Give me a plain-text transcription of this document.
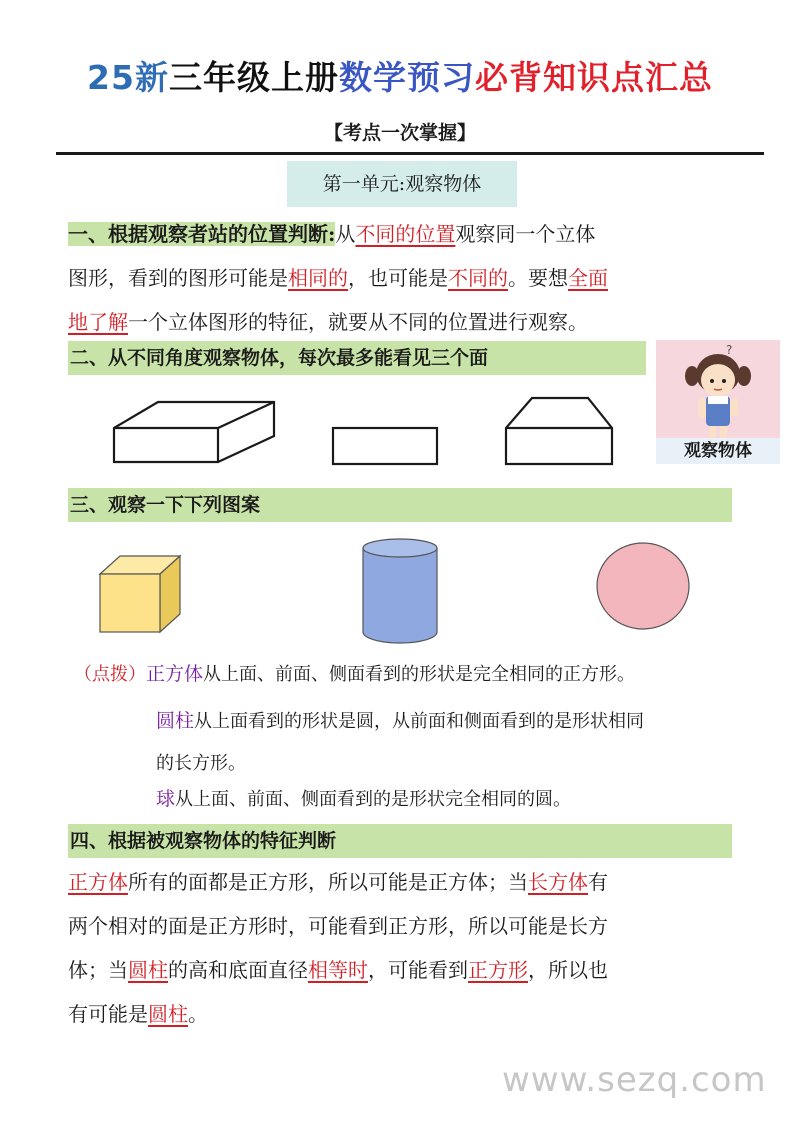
25新三年级上册数学预习必背知识点汇总
【考点一次掌握】
第一单元:观察物体
一、根据观察者站的位置判断:从不同的位置观察同一个立体
图形，看到的图形可能是相同的，也可能是不同的。要想全面
地了解一个立体图形的特征，就要从不同的位置进行观察。
二、从不同角度观察物体，每次最多能看见三个面	?
观察物体
三、观察一下下列图案
（点拨）正方体从上面、前面、侧面看到的形状是完全相同的正方形。
圆柱从上面看到的形状是圆，从前面和侧面看到的是形状相同
的长方形。
球从上面、前面、侧面看到的是形状完全相同的圆。
四、根据被观察物体的特征判断
正方体所有的面都是正方形，所以可能是正方体；当长方体有
两个相对的面是正方形时，可能看到正方形，所以可能是长方
体；当圆柱的高和底面直径相等时，可能看到正方形，所以也
有可能是圆柱。
www.sezq.com
